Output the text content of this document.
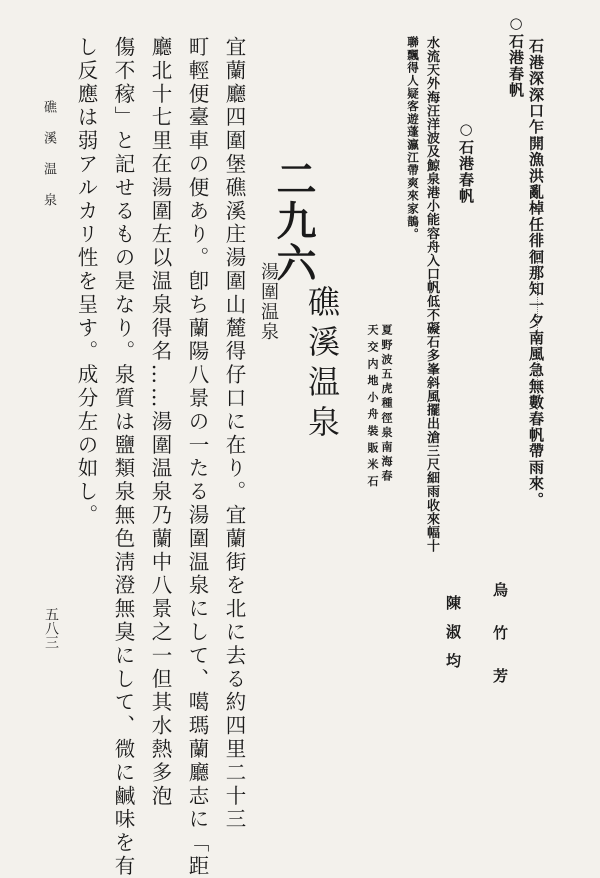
○石港春帆 石港深深口乍開漁洪亂棹任徘徊那知一夕南風急無數春帆帶雨來。
烏竹芳
○石港春帆
水流天外海汪洋波及鯨泉港小能容舟入口帆低不礙石多峯斜風擺出滄三尺細雨收來幅十
聯飄得人疑客遊蓬瀛江帶爽來家鵲。
夏野波五虎種徑泉南海春
天交内地小舟裝販米石
陳淑均
二九六
礁溪温泉
湯圍温泉
宜蘭廳四圍堡礁溪庄湯圍山麓得仔口に在り。宜蘭街を北に去る約四里二十三
町輕便臺車の便あり。卽ち蘭陽八景の一たる湯圍温泉にして、噶瑪蘭廳志に「距
廳北十七里在湯圍左以温泉得名……湯圍温泉乃蘭中八景之一但其水熱多泡
傷不稼」と記せるもの是なり。泉質は鹽類泉無色淸澄無臭にして、微に鹹味を有
し反應は弱アルカリ性を呈す。成分左の如し。
礁溪温泉
五八三
